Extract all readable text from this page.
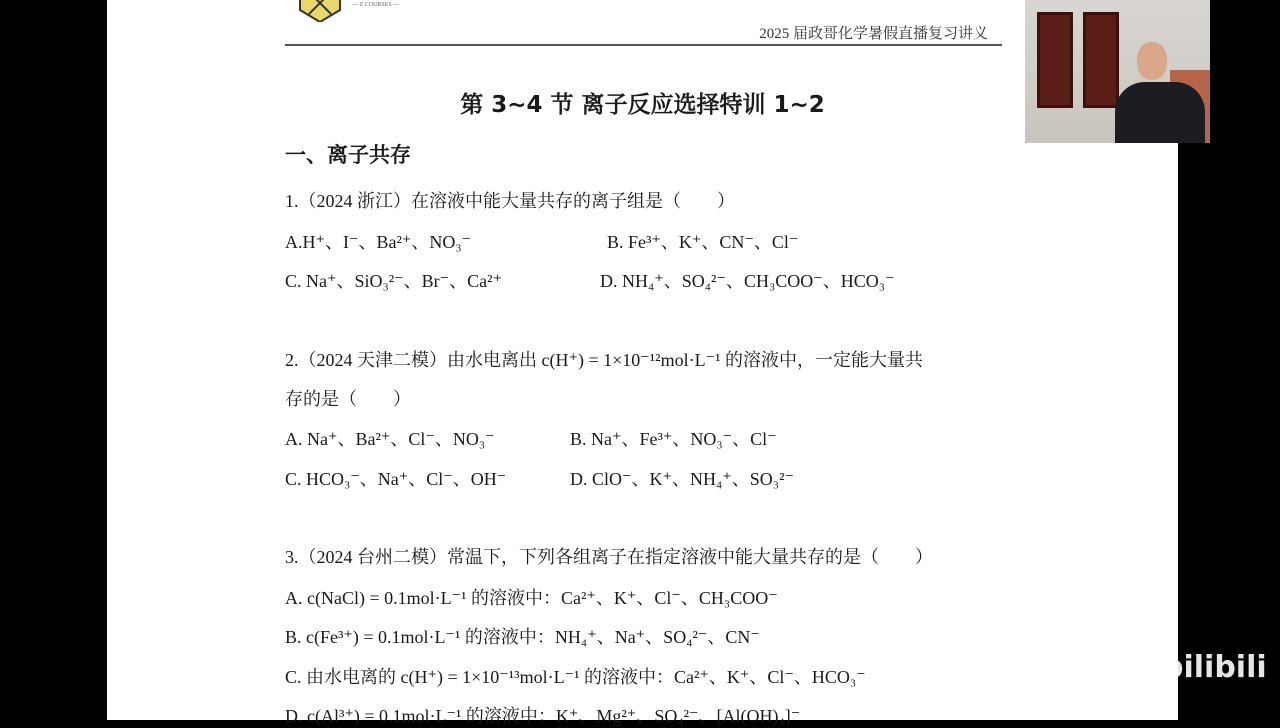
— Z COURSES —
2025 届政哥化学暑假直播复习讲义
第 3~4 节 离子反应选择特训 1~2
一、离子共存
1.（2024 浙江）在溶液中能大量共存的离子组是（　　）
A.H⁺、I⁻、Ba²⁺、NO₃⁻	B. Fe³⁺、K⁺、CN⁻、Cl⁻
C. Na⁺、SiO₃²⁻、Br⁻、Ca²⁺	D. NH₄⁺、SO₄²⁻、CH₃COO⁻、HCO₃⁻
2.（2024 天津二模）由水电离出 c(H⁺) = 1×10⁻¹²mol·L⁻¹ 的溶液中，一定能大量共
存的是（　　）
A. Na⁺、Ba²⁺、Cl⁻、NO₃⁻	B. Na⁺、Fe³⁺、NO₃⁻、Cl⁻
C. HCO₃⁻、Na⁺、Cl⁻、OH⁻	D. ClO⁻、K⁺、NH₄⁺、SO₃²⁻
3.（2024 台州二模）常温下，下列各组离子在指定溶液中能大量共存的是（　　）
A. c(NaCl) = 0.1mol·L⁻¹ 的溶液中：Ca²⁺、K⁺、Cl⁻、CH₃COO⁻
B. c(Fe³⁺) = 0.1mol·L⁻¹ 的溶液中：NH₄⁺、Na⁺、SO₄²⁻、CN⁻
C. 由水电离的 c(H⁺) = 1×10⁻¹³mol·L⁻¹ 的溶液中：Ca²⁺、K⁺、Cl⁻、HCO₃⁻
D. c(Al³⁺) = 0.1mol·L⁻¹ 的溶液中：K⁺、Mg²⁺、SO₄²⁻、[Al(OH)₄]⁻
bilibili
